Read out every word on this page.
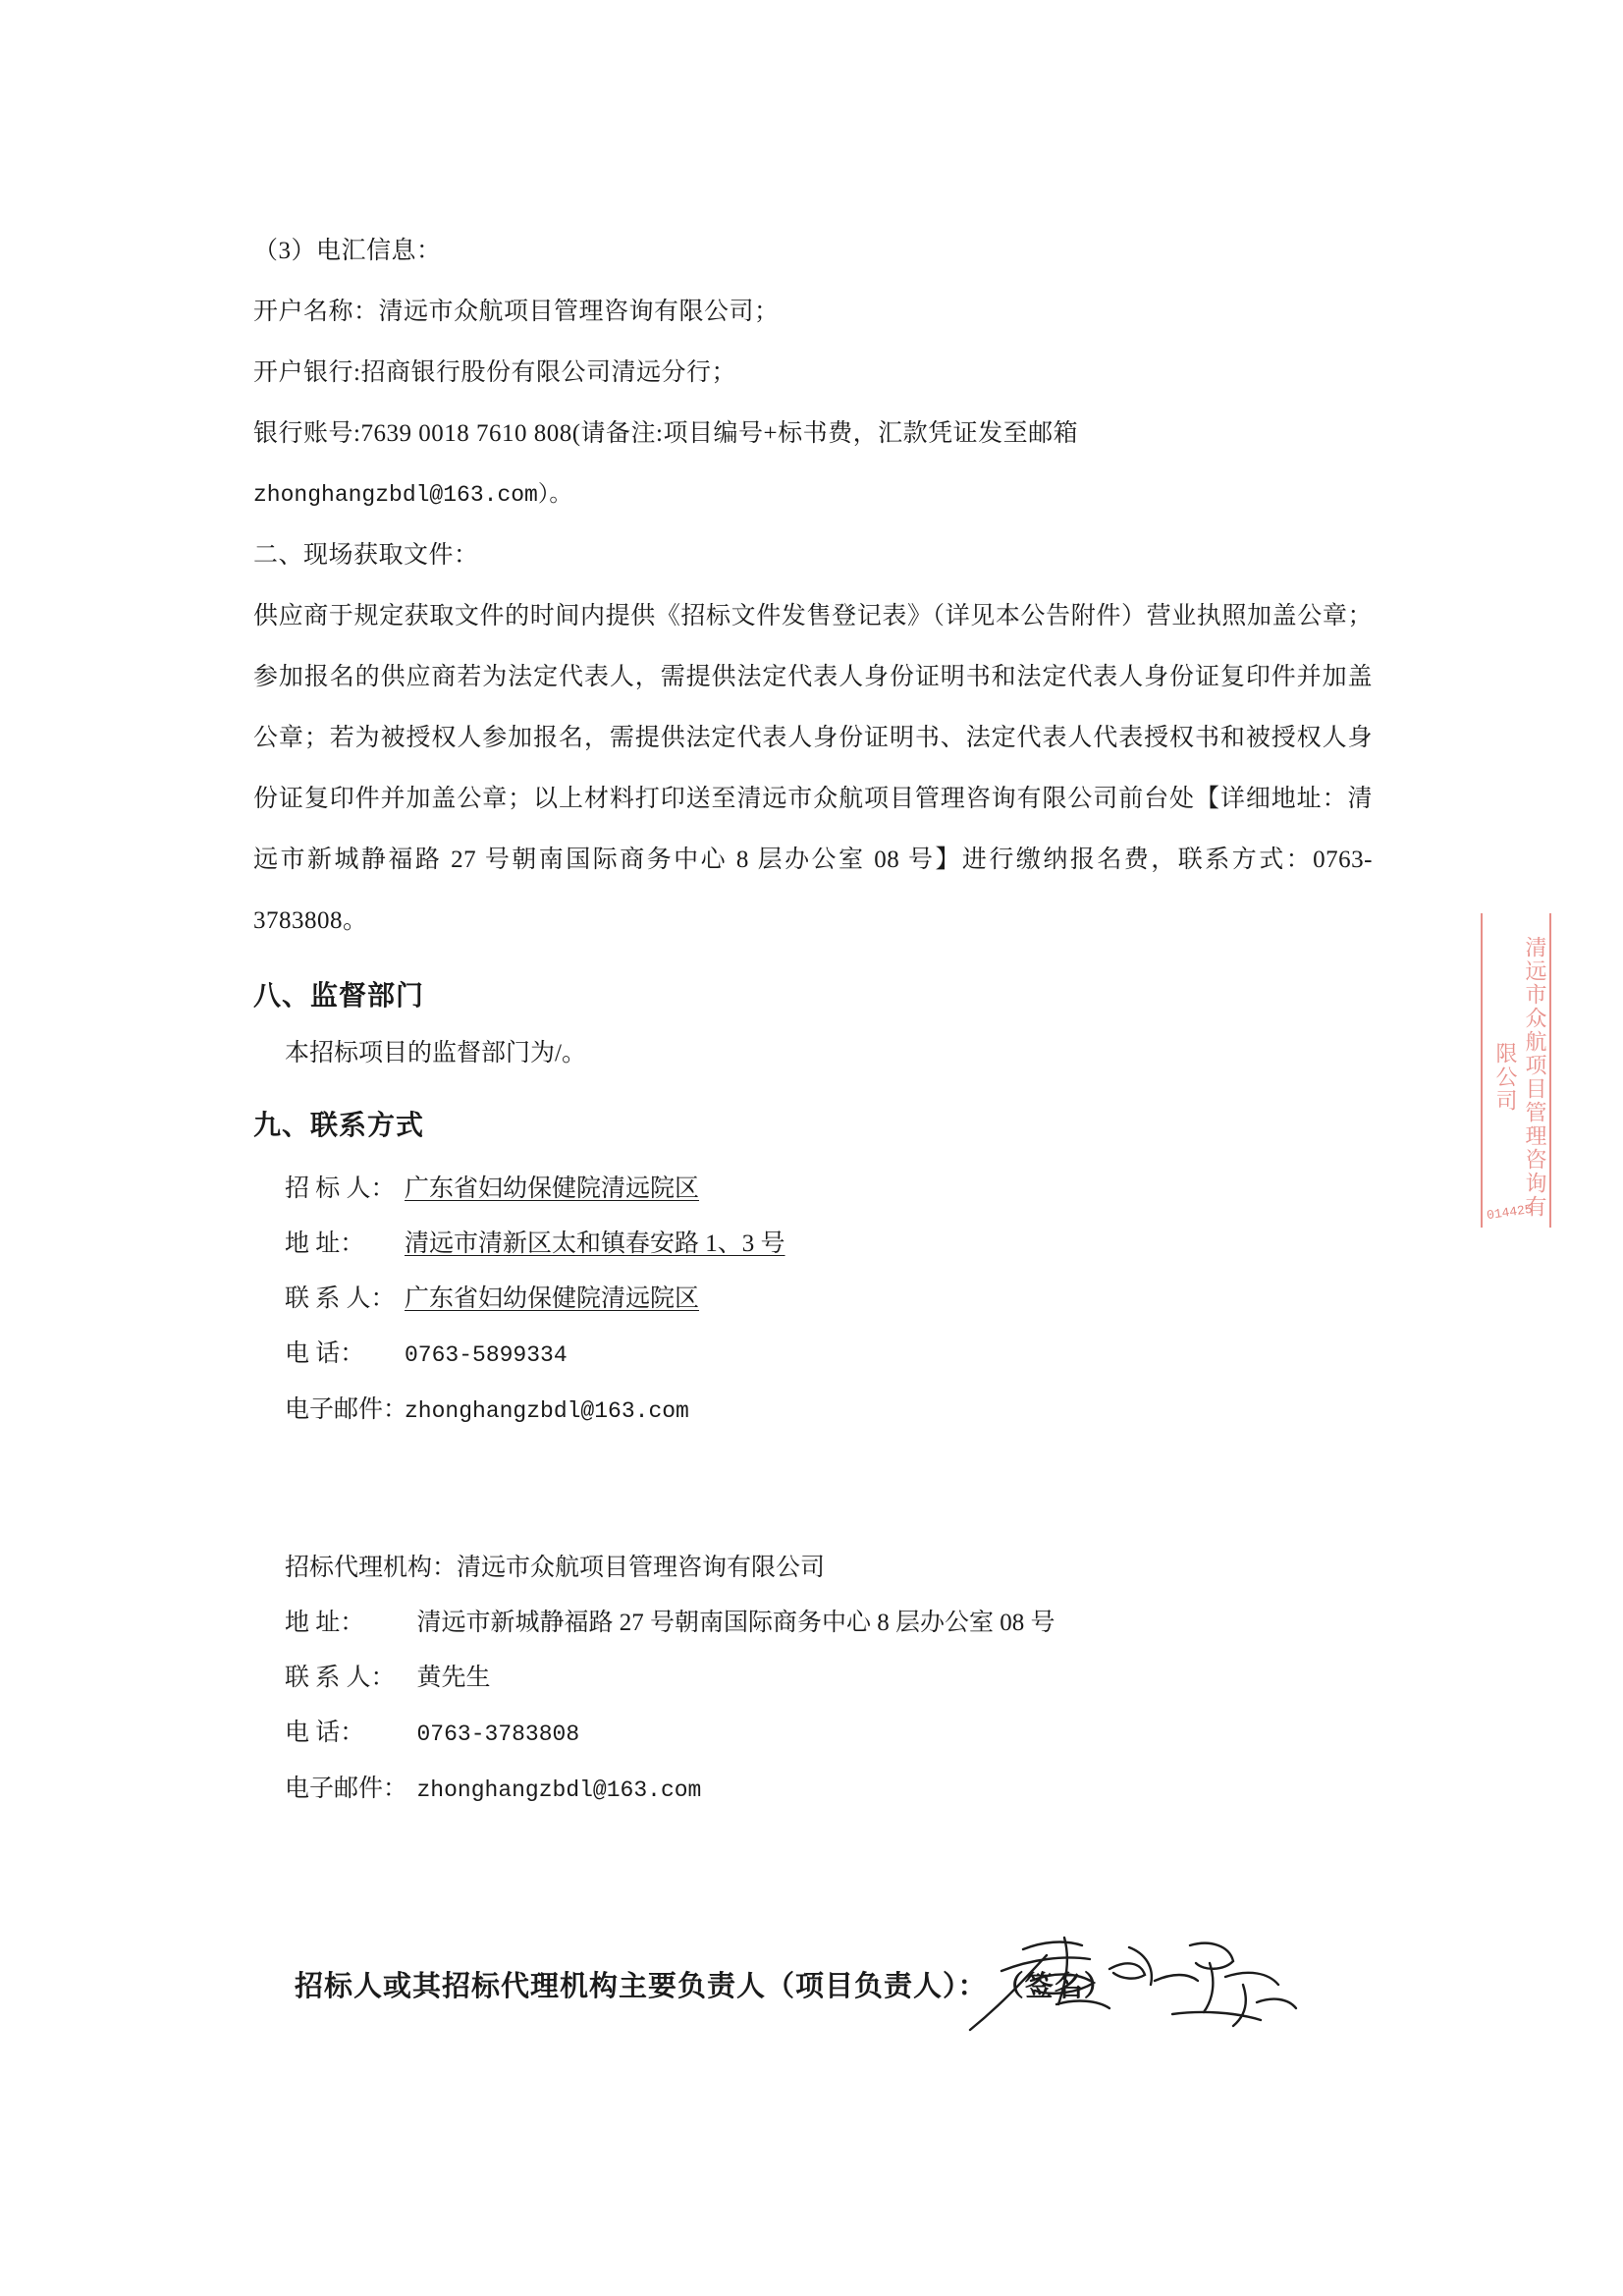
（3）电汇信息：
开户名称：清远市众航项目管理咨询有限公司；
开户银行:招商银行股份有限公司清远分行；
银行账号:7639 0018 7610 808(请备注:项目编号+标书费，汇款凭证发至邮箱
zhonghangzbdl@163.com）。
二、现场获取文件：
供应商于规定获取文件的时间内提供《招标文件发售登记表》（详见本公告附件）营业执照加盖公章；参加报名的供应商若为法定代表人，需提供法定代表人身份证明书和法定代表人身份证复印件并加盖公章；若为被授权人参加报名，需提供法定代表人身份证明书、法定代表人代表授权书和被授权人身份证复印件并加盖公章；以上材料打印送至清远市众航项目管理咨询有限公司前台处【详细地址：清远市新城静福路 27 号朝南国际商务中心 8 层办公室 08 号】进行缴纳报名费，联系方式：0763-3783808。
八、监督部门
本招标项目的监督部门为/。
九、联系方式
招 标 人： 广东省妇幼保健院清远院区
地 址： 清远市清新区太和镇春安路 1、3 号
联 系 人： 广东省妇幼保健院清远院区
电 话： 0763-5899334
电子邮件：zhonghangzbdl@163.com
招标代理机构：清远市众航项目管理咨询有限公司
地 址： 清远市新城静福路 27 号朝南国际商务中心 8 层办公室 08 号
联 系 人： 黄先生
电 话： 0763-3783808
电子邮件： zhonghangzbdl@163.com
招标人或其招标代理机构主要负责人（项目负责人）： （签名）
清远市众航项目管理咨询有限公司
014425
